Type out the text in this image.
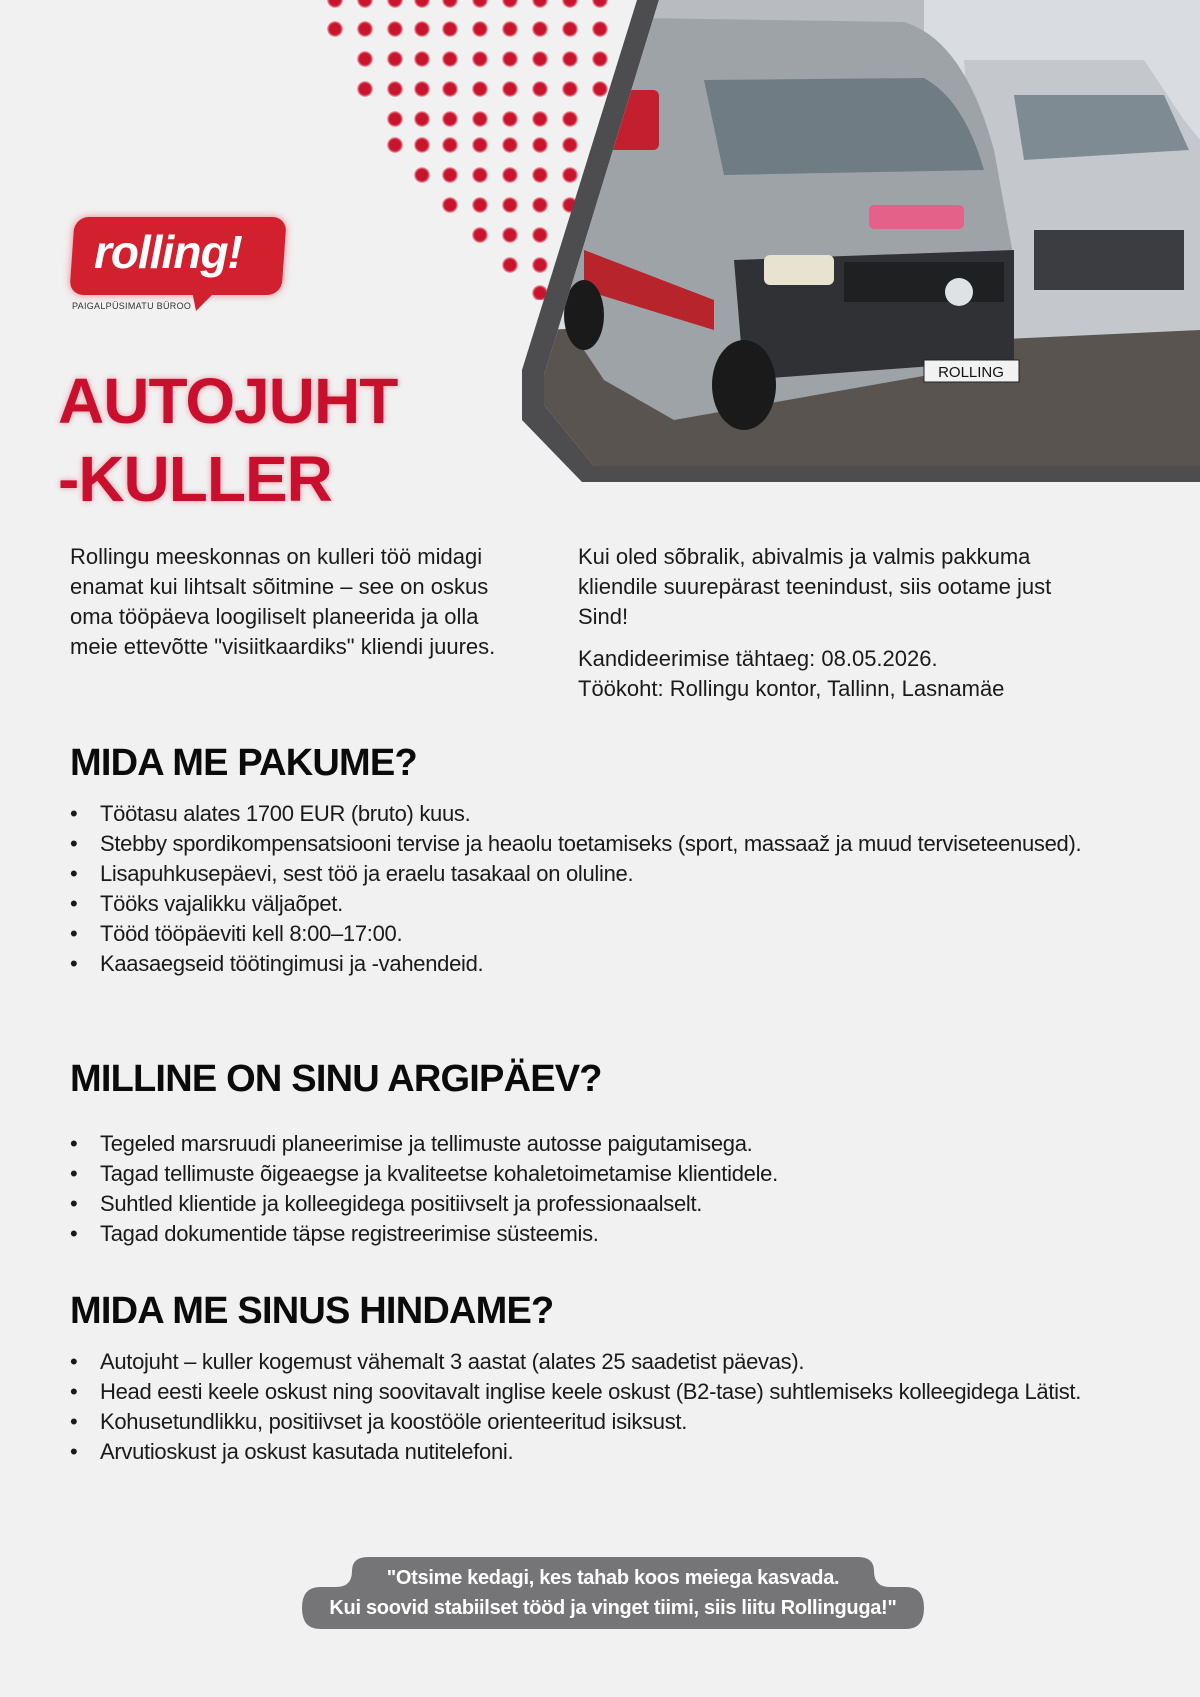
ROLLING
rolling!
PAIGALPÜSIMATU BÜROO
AUTOJUHT
-KULLER
Rollingu meeskonnas on kulleri töö midagi enamat kui lihtsalt sõitmine – see on oskus oma tööpäeva loogiliselt planeerida ja olla meie ettevõtte "visiitkaardiks" kliendi juures.

Kui oled sõbralik, abivalmis ja valmis pakkuma kliendile suurepärast teenindust, siis ootame just Sind!

Kandideerimise tähtaeg: 08.05.2026.
Töökoht: Rollingu kontor, Tallinn, Lasnamäe

MIDA ME PAKUME?
• Töötasu alates 1700 EUR (bruto) kuus.
• Stebby spordikompensatsiooni tervise ja heaolu toetamiseks (sport, massaaž ja muud terviseteenused).
• Lisapuhkusepäevi, sest töö ja eraelu tasakaal on oluline.
• Tööks vajalikku väljaõpet.
• Tööd tööpäeviti kell 8:00–17:00.
• Kaasaegseid töötingimusi ja -vahendeid.
MILLINE ON SINU ARGIPÄEV?
• Tegeled marsruudi planeerimise ja tellimuste autosse paigutamisega.
• Tagad tellimuste õigeaegse ja kvaliteetse kohaletoimetamise klientidele.
• Suhtled klientide ja kolleegidega positiivselt ja professionaalselt.
• Tagad dokumentide täpse registreerimise süsteemis.
MIDA ME SINUS HINDAME?
• Autojuht – kuller kogemust vähemalt 3 aastat (alates 25 saadetist päevas).
• Head eesti keele oskust ning soovitavalt inglise keele oskust (B2-tase) suhtlemiseks kolleegidega Lätist.
• Kohusetundlikku, positiivset ja koostööle orienteeritud isiksust.
• Arvutioskust ja oskust kasutada nutitelefoni.
"Otsime kedagi, kes tahab koos meiega kasvada.
Kui soovid stabiilset tööd ja vinget tiimi, siis liitu Rollinguga!"
